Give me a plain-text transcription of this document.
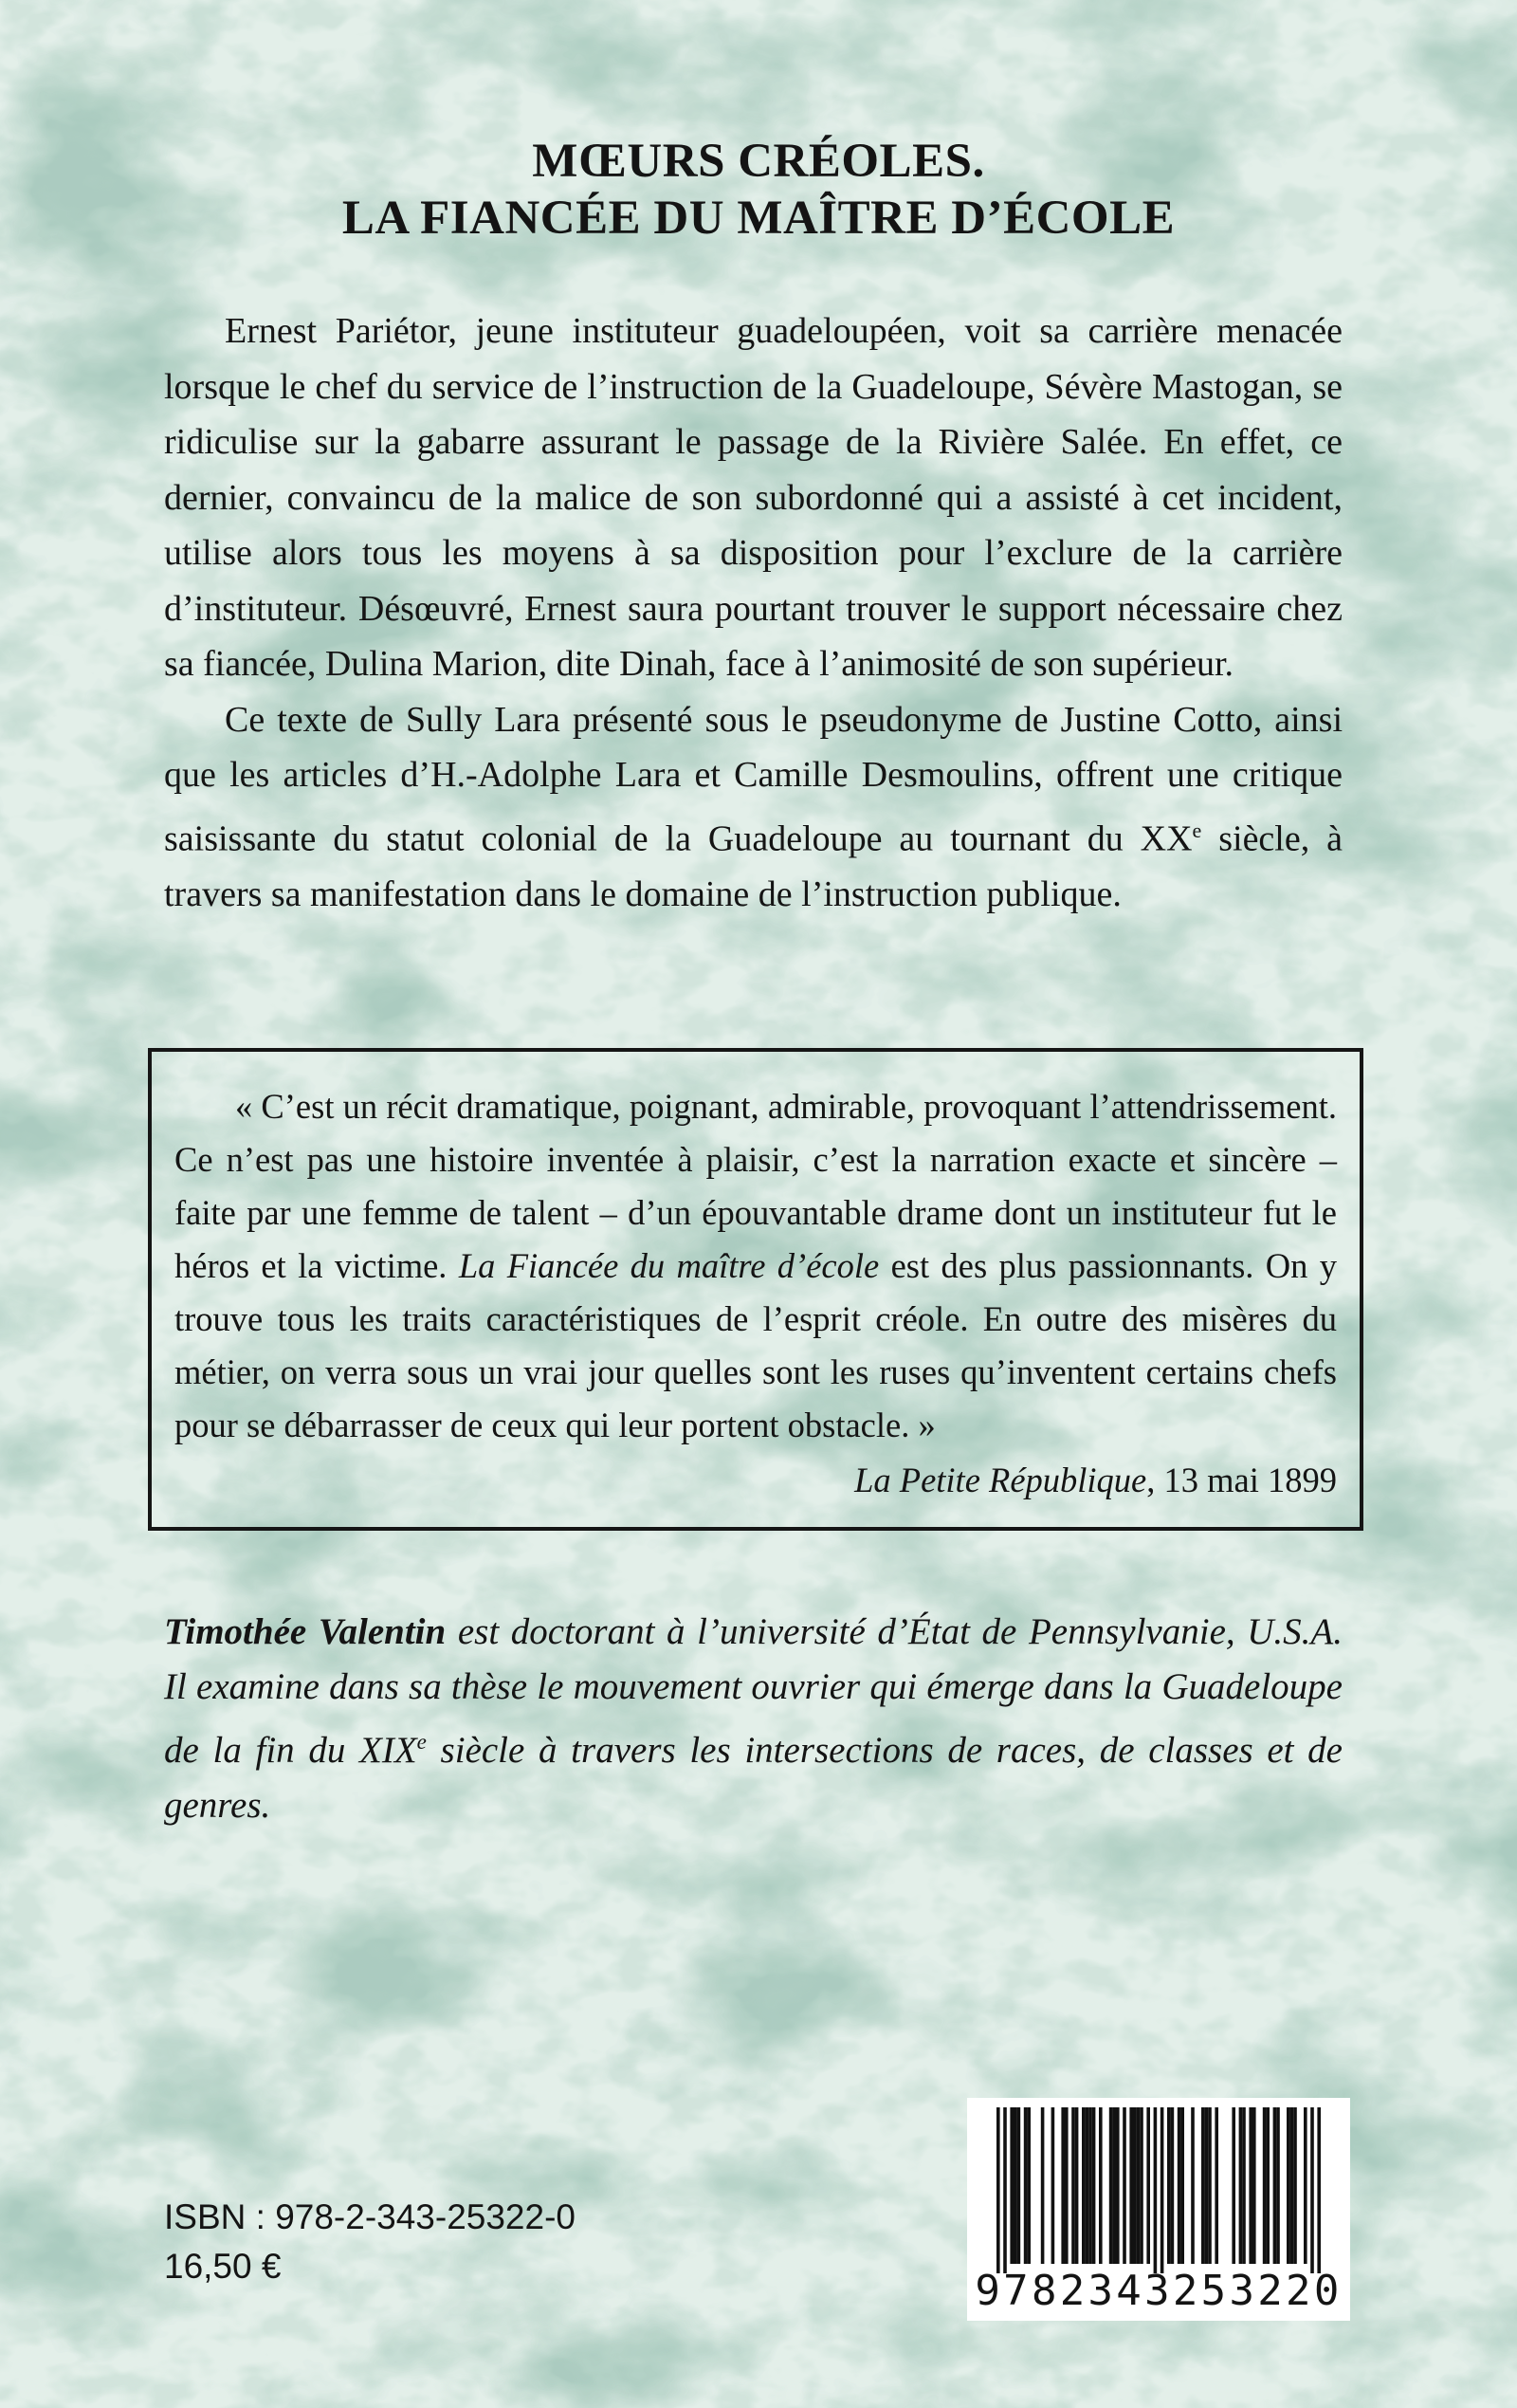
MŒURS CRÉOLES.
LA FIANCÉE DU MAÎTRE D’ÉCOLE

Ernest Pariétor, jeune instituteur guadeloupéen, voit sa carrière menacée lorsque le chef du service de l’instruction de la Guadeloupe, Sévère Mastogan, se ridiculise sur la gabarre assurant le passage de la Rivière Salée. En effet, ce dernier, convaincu de la malice de son subordonné qui a assisté à cet incident, utilise alors tous les moyens à sa disposition pour l’exclure de la carrière d’instituteur. Désœuvré, Ernest saura pourtant trouver le support nécessaire chez sa fiancée, Dulina Marion, dite Dinah, face à l’animosité de son supérieur.

Ce texte de Sully Lara présenté sous le pseudonyme de Justine Cotto, ainsi que les articles d’H.-Adolphe Lara et Camille Desmoulins, offrent une critique saisissante du statut colonial de la Guadeloupe au tournant du XXe siècle, à travers sa manifestation dans le domaine de l’instruction publique.

« C’est un récit dramatique, poignant, admirable, provoquant l’attendrissement. Ce n’est pas une histoire inventée à plaisir, c’est la narration exacte et sincère – faite par une femme de talent – d’un épouvantable drame dont un instituteur fut le héros et la victime. La Fiancée du maître d’école est des plus passionnants. On y trouve tous les traits caractéristiques de l’esprit créole. En outre des misères du métier, on verra sous un vrai jour quelles sont les ruses qu’inventent certains chefs pour se débarrasser de ceux qui leur portent obstacle. »

La Petite République, 13 mai 1899

Timothée Valentin est doctorant à l’université d’État de Pennsylvanie, U.S.A. Il examine dans sa thèse le mouvement ouvrier qui émerge dans la Guadeloupe de la fin du XIXe siècle à travers les intersections de races, de classes et de genres.

ISBN : 978-2-343-25322-0
16,50 €
9782343253220
